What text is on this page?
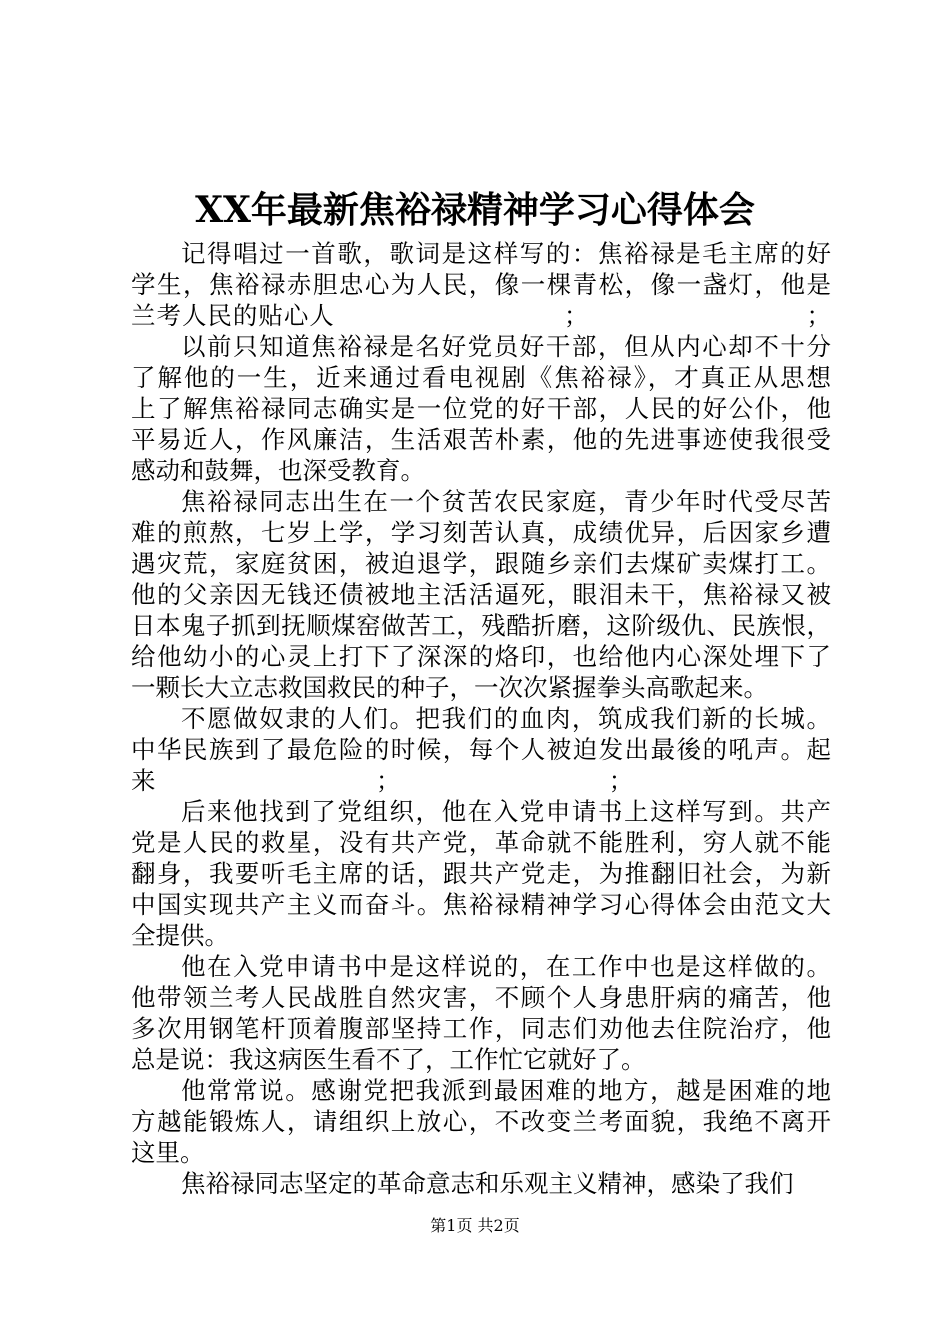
XX年最新焦裕禄精神学习心得体会
记得唱过一首歌，歌词是这样写的：焦裕禄是毛主席的好
学生，焦裕禄赤胆忠心为人民，像一棵青松，像一盏灯，他是
兰考人民的贴心人　　　　　　　　　；　　　　　　　　　；
以前只知道焦裕禄是名好党员好干部，但从内心却不十分
了解他的一生，近来通过看电视剧《焦裕禄》，才真正从思想
上了解焦裕禄同志确实是一位党的好干部，人民的好公仆，他
平易近人，作风廉洁，生活艰苦朴素，他的先进事迹使我很受
感动和鼓舞，也深受教育。
焦裕禄同志出生在一个贫苦农民家庭，青少年时代受尽苦
难的煎熬，七岁上学，学习刻苦认真，成绩优异，后因家乡遭
遇灾荒，家庭贫困，被迫退学，跟随乡亲们去煤矿卖煤打工。
他的父亲因无钱还债被地主活活逼死，眼泪未干，焦裕禄又被
日本鬼子抓到抚顺煤窑做苦工，残酷折磨，这阶级仇、民族恨，
给他幼小的心灵上打下了深深的烙印，也给他内心深处埋下了
一颗长大立志救国救民的种子，一次次紧握拳头高歌起来。
不愿做奴隶的人们。把我们的血肉，筑成我们新的长城。
中华民族到了最危险的时候，每个人被迫发出最後的吼声。起
来　　　　　　　　　；　　　　　　　　　；
后来他找到了党组织，他在入党申请书上这样写到。共产
党是人民的救星，没有共产党，革命就不能胜利，穷人就不能
翻身，我要听毛主席的话，跟共产党走，为推翻旧社会，为新
中国实现共产主义而奋斗。焦裕禄精神学习心得体会由范文大
全提供。
他在入党申请书中是这样说的，在工作中也是这样做的。
他带领兰考人民战胜自然灾害，不顾个人身患肝病的痛苦，他
多次用钢笔杆顶着腹部坚持工作，同志们劝他去住院治疗，他
总是说：我这病医生看不了，工作忙它就好了。
他常常说。感谢党把我派到最困难的地方，越是困难的地
方越能锻炼人，请组织上放心，不改变兰考面貌，我绝不离开
这里。
焦裕禄同志坚定的革命意志和乐观主义精神，感染了我们
第1页 共2页
